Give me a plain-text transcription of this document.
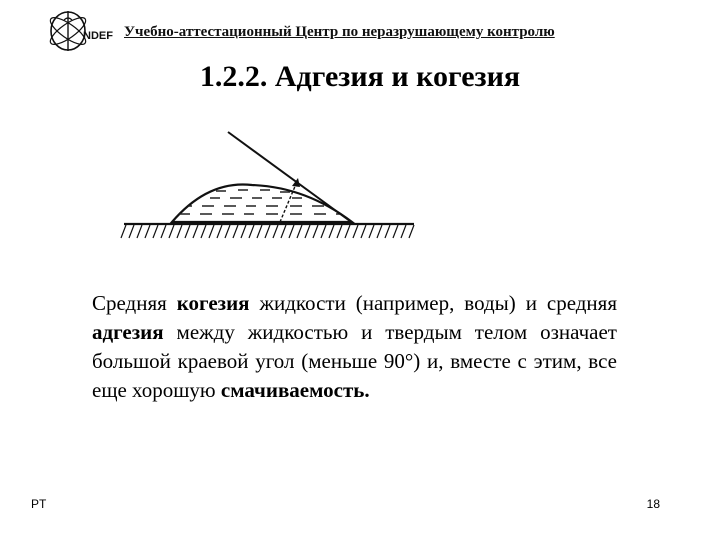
NDEF Учебно-аттестационный Центр по неразрушающему контролю
1.2.2. Адгезия и когезия
Средняя когезия жидкости (например, воды) и средняя адгезия между жидкостью и твердым телом означает большой краевой угол (меньше 90°) и, вместе с этим, все еще хорошую смачиваемость.
PT	18
